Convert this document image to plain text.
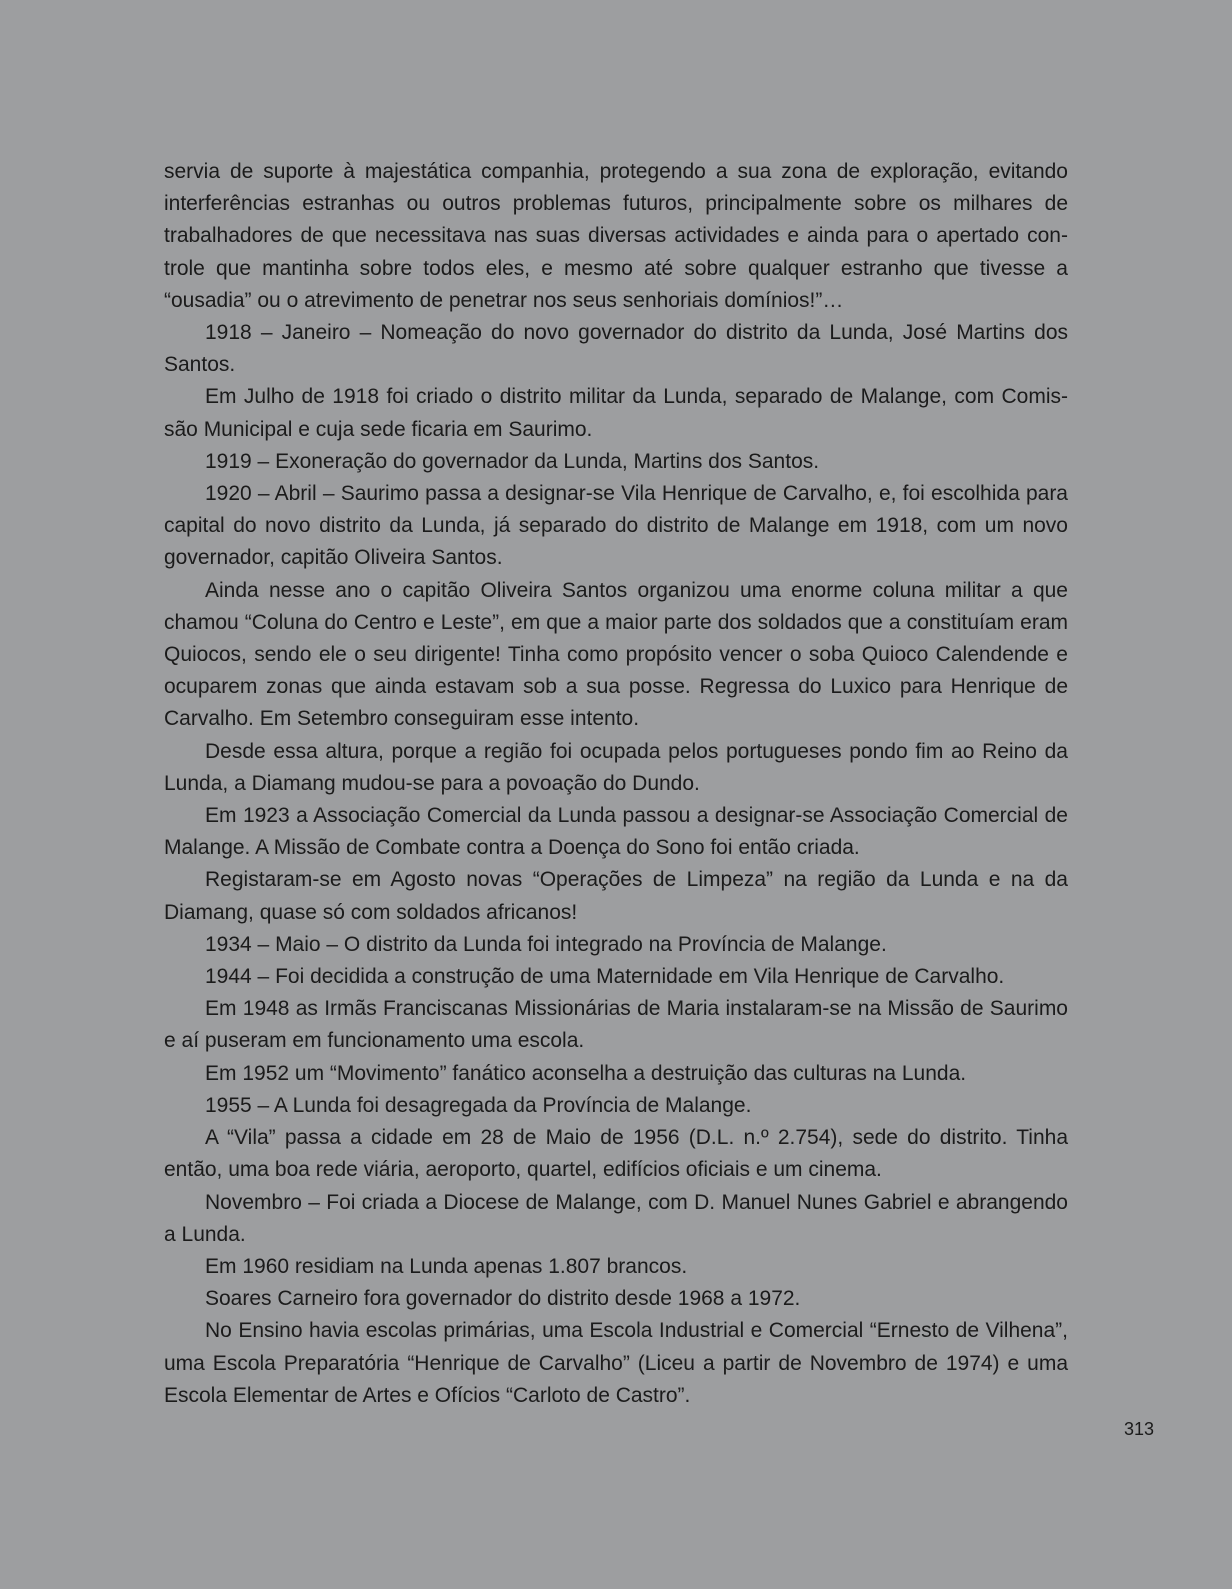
servia de suporte à majestática companhia, protegendo a sua zona de exploração, evitando interferências estranhas ou outros problemas futuros, principalmente sobre os milhares de trabalhadores de que necessitava nas suas diversas actividades e ainda para o apertado controle que mantinha sobre todos eles, e mesmo até sobre qualquer estranho que tivesse a “ousadia” ou o atrevimento de penetrar nos seus senhoriais domínios!”…

1918 – Janeiro – Nomeação do novo governador do distrito da Lunda, José Martins dos Santos.

Em Julho de 1918 foi criado o distrito militar da Lunda, separado de Malange, com Comissão Municipal e cuja sede ficaria em Saurimo.

1919 – Exoneração do governador da Lunda, Martins dos Santos.

1920 – Abril – Saurimo passa a designar-se Vila Henrique de Carvalho, e, foi escolhida para capital do novo distrito da Lunda, já separado do distrito de Malange em 1918, com um novo governador, capitão Oliveira Santos.

Ainda nesse ano o capitão Oliveira Santos organizou uma enorme coluna militar a que chamou “Coluna do Centro e Leste”, em que a maior parte dos soldados que a constituíam eram Quiocos, sendo ele o seu dirigente! Tinha como propósito vencer o soba Quioco Calendende e ocuparem zonas que ainda estavam sob a sua posse. Regressa do Luxico para Henrique de Carvalho. Em Setembro conseguiram esse intento.

Desde essa altura, porque a região foi ocupada pelos portugueses pondo fim ao Reino da Lunda, a Diamang mudou-se para a povoação do Dundo.

Em 1923 a Associação Comercial da Lunda passou a designar-se Associação Comercial de Malange. A Missão de Combate contra a Doença do Sono foi então criada.

Registaram-se em Agosto novas “Operações de Limpeza” na região da Lunda e na da Diamang, quase só com soldados africanos!

1934 – Maio – O distrito da Lunda foi integrado na Província de Malange.

1944 – Foi decidida a construção de uma Maternidade em Vila Henrique de Carvalho.

Em 1948 as Irmãs Franciscanas Missionárias de Maria instalaram-se na Missão de Saurimo e aí puseram em funcionamento uma escola.

Em 1952 um “Movimento” fanático aconselha a destruição das culturas na Lunda.

1955 – A Lunda foi desagregada da Província de Malange.

A “Vila” passa a cidade em 28 de Maio de 1956 (D.L. n.º 2.754), sede do distrito. Tinha então, uma boa rede viária, aeroporto, quartel, edifícios oficiais e um cinema.

Novembro – Foi criada a Diocese de Malange, com D. Manuel Nunes Gabriel e abrangendo a Lunda.

Em 1960 residiam na Lunda apenas 1.807 brancos.

Soares Carneiro fora governador do distrito desde 1968 a 1972.

No Ensino havia escolas primárias, uma Escola Industrial e Comercial “Ernesto de Vilhena”, uma Escola Preparatória “Henrique de Carvalho” (Liceu a partir de Novembro de 1974) e uma Escola Elementar de Artes e Ofícios “Carloto de Castro”.

313
